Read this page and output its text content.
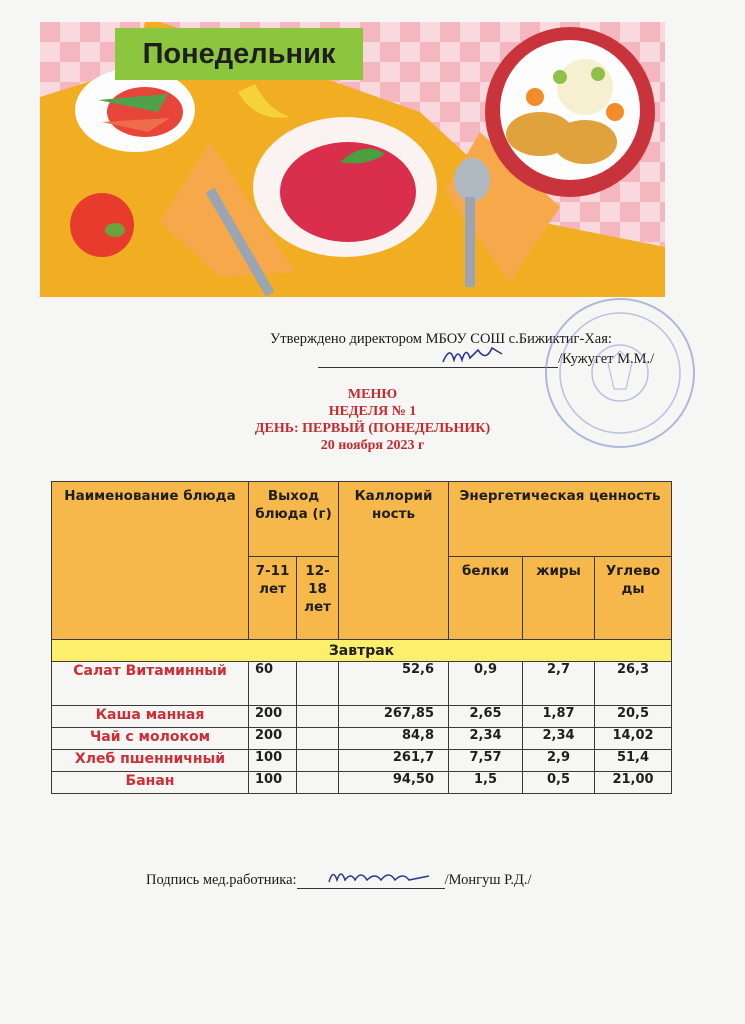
Понедельник
Утверждено директором МБОУ СОШ с.Бижиктиг-Хая:
/Кужугет М.М./
МЕНЮ
НЕДЕЛЯ № 1
ДЕНЬ: ПЕРВЫЙ (ПОНЕДЕЛЬНИК)
20 ноября 2023 г
Наименование блюда	Выход блюда (г)		Каллорий ность	Энергетическая ценность		
	7-11 лет	12-18 лет		белки	жиры	Углево ды
Завтрак						
Салат Витаминный	60		52,6	0,9	2,7	26,3
Каша манная	200		267,85	2,65	1,87	20,5
Чай с молоком	200		84,8	2,34	2,34	14,02
Хлеб пшенничный	100		261,7	7,57	2,9	51,4
Банан	100		94,50	1,5	0,5	21,00
Подпись мед.работника:	/Монгуш Р.Д./
